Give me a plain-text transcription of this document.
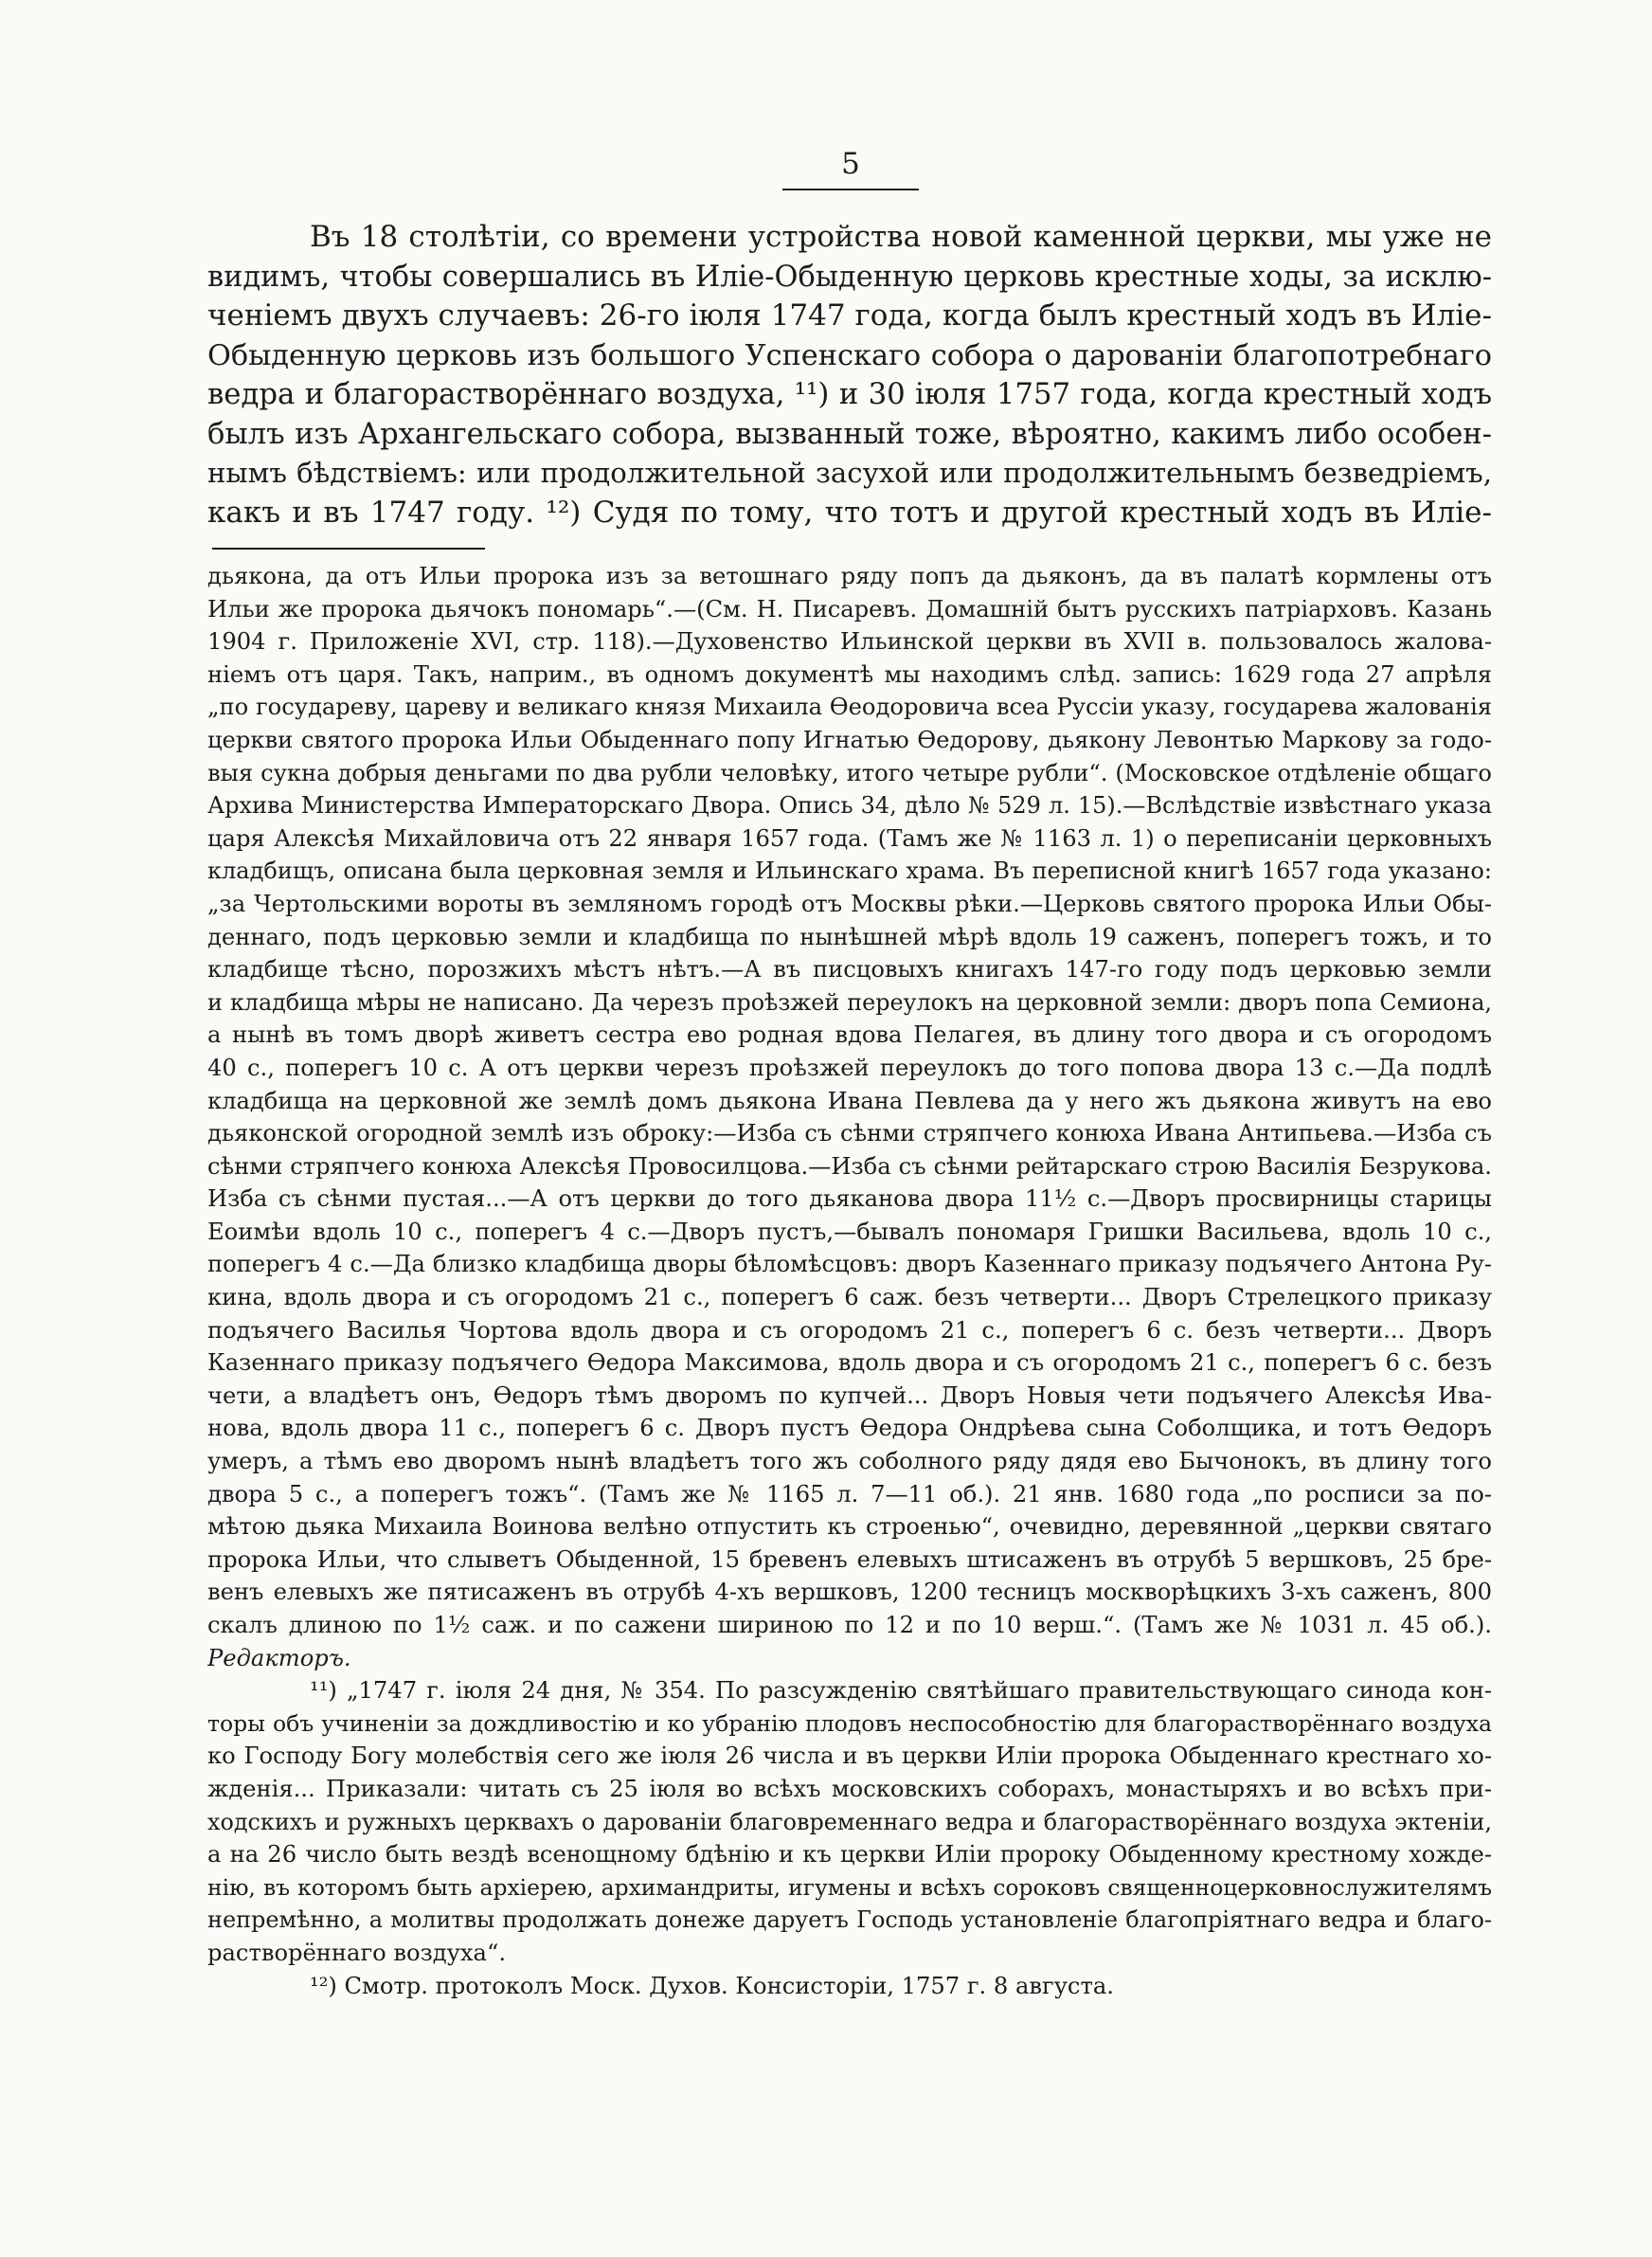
5
Въ 18 столѣтіи, со времени устройства новой каменной церкви, мы уже не
видимъ, чтобы совершались въ Иліе-Обыденную церковь крестные ходы, за исклю-
ченіемъ двухъ случаевъ: 26-го іюля 1747 года, когда былъ крестный ходъ въ Иліе-
Обыденную церковь изъ большого Успенскаго собора о дарованіи благопотребнаго
ведра и благорастворённаго воздуха, ¹¹) и 30 іюля 1757 года, когда крестный ходъ
былъ изъ Архангельскаго собора, вызванный тоже, вѣроятно, какимъ либо особен-
нымъ бѣдствіемъ: или продолжительной засухой или продолжительнымъ безведріемъ,
какъ и въ 1747 году. ¹²) Судя по тому, что тотъ и другой крестный ходъ въ Иліе-
дьякона, да отъ Ильи пророка изъ за ветошнаго ряду попъ да дьяконъ, да въ палатѣ кормлены отъ
Ильи же пророка дьячокъ пономарь“.—(См. Н. Писаревъ. Домашній бытъ русскихъ патріарховъ. Казань
1904 г. Приложеніе XVI, стр. 118).—Духовенство Ильинской церкви въ XVII в. пользовалось жалова-
ніемъ отъ царя. Такъ, наприм., въ одномъ документѣ мы находимъ слѣд. запись: 1629 года 27 апрѣля
„по государеву, цареву и великаго князя Михаила Ѳеодоровича всеа Руссіи указу, государева жалованія
церкви святого пророка Ильи Обыденнаго попу Игнатью Ѳедорову, дьякону Левонтью Маркову за годо-
выя сукна добрыя деньгами по два рубли человѣку, итого четыре рубли“. (Московское отдѣленіе общаго
Архива Министерства Императорскаго Двора. Опись 34, дѣло № 529 л. 15).—Вслѣдствіе извѣстнаго указа
царя Алексѣя Михайловича отъ 22 января 1657 года. (Тамъ же № 1163 л. 1) о переписаніи церковныхъ
кладбищъ, описана была церковная земля и Ильинскаго храма. Въ переписной книгѣ 1657 года указано:
„за Чертольскими вороты въ земляномъ городѣ отъ Москвы рѣки.—Церковь святого пророка Ильи Обы-
деннаго, подъ церковью земли и кладбища по нынѣшней мѣрѣ вдоль 19 саженъ, поперегъ тожъ, и то
кладбище тѣсно, порозжихъ мѣстъ нѣтъ.—А въ писцовыхъ книгахъ 147-го году подъ церковью земли
и кладбища мѣры не написано. Да черезъ проѣзжей переулокъ на церковной земли: дворъ попа Семиона,
а нынѣ въ томъ дворѣ живетъ сестра ево родная вдова Пелагея, въ длину того двора и съ огородомъ
40 с., поперегъ 10 с. А отъ церкви черезъ проѣзжей переулокъ до того попова двора 13 с.—Да подлѣ
кладбища на церковной же землѣ домъ дьякона Ивана Певлева да у него жъ дьякона живутъ на ево
дьяконской огородной землѣ изъ оброку:—Изба съ сѣнми стряпчего конюха Ивана Антипьева.—Изба съ
сѣнми стряпчего конюха Алексѣя Провосилцова.—Изба съ сѣнми рейтарскаго строю Василія Безрукова.
Изба съ сѣнми пустая...—А отъ церкви до того дьяканова двора 11½ с.—Дворъ просвирницы старицы
Еоимѣи вдоль 10 с., поперегъ 4 с.—Дворъ пустъ,—бывалъ пономаря Гришки Васильева, вдоль 10 с.,
поперегъ 4 с.—Да близко кладбища дворы бѣломѣсцовъ: дворъ Казеннаго приказу подъячего Антона Ру-
кина, вдоль двора и съ огородомъ 21 с., поперегъ 6 саж. безъ четверти... Дворъ Стрелецкого приказу
подъячего Василья Чортова вдоль двора и съ огородомъ 21 с., поперегъ 6 с. безъ четверти... Дворъ
Казеннаго приказу подъячего Ѳедора Максимова, вдоль двора и съ огородомъ 21 с., поперегъ 6 с. безъ
чети, а владѣетъ онъ, Ѳедоръ тѣмъ дворомъ по купчей... Дворъ Новыя чети подъячего Алексѣя Ива-
нова, вдоль двора 11 с., поперегъ 6 с. Дворъ пустъ Ѳедора Ондрѣева сына Соболщика, и тотъ Ѳедоръ
умеръ, а тѣмъ ево дворомъ нынѣ владѣетъ того жъ соболного ряду дядя ево Бычонокъ, въ длину того
двора 5 с., а поперегъ тожъ“. (Тамъ же № 1165 л. 7—11 об.). 21 янв. 1680 года „по росписи за по-
мѣтою дьяка Михаила Воинова велѣно отпустить къ строенью“, очевидно, деревянной „церкви святаго
пророка Ильи, что слыветъ Обыденной, 15 бревенъ елевыхъ штисаженъ въ отрубѣ 5 вершковъ, 25 бре-
венъ елевыхъ же пятисаженъ въ отрубѣ 4-хъ вершковъ, 1200 тесницъ москворѣцкихъ 3-хъ саженъ, 800
скалъ длиною по 1½ саж. и по сажени шириною по 12 и по 10 верш.“. (Тамъ же № 1031 л. 45 об.).
Редакторъ.
¹¹) „1747 г. іюля 24 дня, № 354. По разсужденію святѣйшаго правительствующаго синода кон-
торы объ учиненіи за дождливостію и ко убранію плодовъ неспособностію для благорастворённаго воздуха
ко Господу Богу молебствія сего же іюля 26 числа и въ церкви Иліи пророка Обыденнаго крестнаго хо-
жденія... Приказали: читать съ 25 іюля во всѣхъ московскихъ соборахъ, монастыряхъ и во всѣхъ при-
ходскихъ и ружныхъ церквахъ о дарованіи благовременнаго ведра и благорастворённаго воздуха эктеніи,
а на 26 число быть вездѣ всенощному бдѣнію и къ церкви Иліи пророку Обыденному крестному хожде-
нію, въ которомъ быть архіерею, архимандриты, игумены и всѣхъ сороковъ священноцерковнослужителямъ
непремѣнно, а молитвы продолжать донеже даруетъ Господь установленіе благопріятнаго ведра и благо-
растворённаго воздуха“.
¹²) Смотр. протоколъ Моск. Духов. Консисторіи, 1757 г. 8 августа.
